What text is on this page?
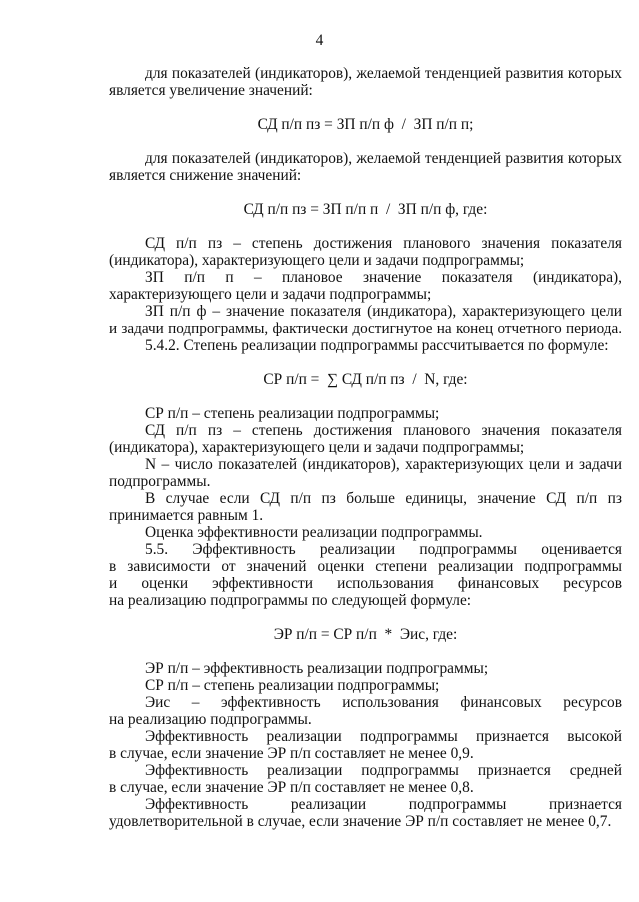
4
для показателей (индикаторов), желаемой тенденцией развития которых
является увеличение значений:
СД п/п пз = ЗП п/п ф  /  ЗП п/п п;
для показателей (индикаторов), желаемой тенденцией развития которых
является снижение значений:
СД п/п пз = ЗП п/п п  /  ЗП п/п ф, где:
СД п/п пз – степень достижения планового значения показателя
(индикатора), характеризующего цели и задачи подпрограммы;
ЗП п/п п – плановое значение показателя (индикатора),
характеризующего цели и задачи подпрограммы;
ЗП п/п ф – значение показателя (индикатора), характеризующего цели
и задачи подпрограммы, фактически достигнутое на конец отчетного периода.
5.4.2. Степень реализации подпрограммы рассчитывается по формуле:
СР п/п =  ∑ СД п/п пз  /  N, где:
СР п/п – степень реализации подпрограммы;
СД п/п пз – степень достижения планового значения показателя
(индикатора), характеризующего цели и задачи подпрограммы;
N – число показателей (индикаторов), характеризующих цели и задачи
подпрограммы.
В случае если СД п/п пз больше единицы, значение СД п/п пз
принимается равным 1.
Оценка эффективности реализации подпрограммы.
5.5. Эффективность реализации подпрограммы оценивается
в зависимости от значений оценки степени реализации подпрограммы
и оценки эффективности использования финансовых ресурсов
на реализацию подпрограммы по следующей формуле:
ЭР п/п = СР п/п  *  Эис, где:
ЭР п/п – эффективность реализации подпрограммы;
СР п/п – степень реализации подпрограммы;
Эис – эффективность использования финансовых ресурсов
на реализацию подпрограммы.
Эффективность реализации подпрограммы признается высокой
в случае, если значение ЭР п/п составляет не менее 0,9.
Эффективность реализации подпрограммы признается средней
в случае, если значение ЭР п/п составляет не менее 0,8.
Эффективность реализации подпрограммы признается
удовлетворительной в случае, если значение ЭР п/п составляет не менее 0,7.
